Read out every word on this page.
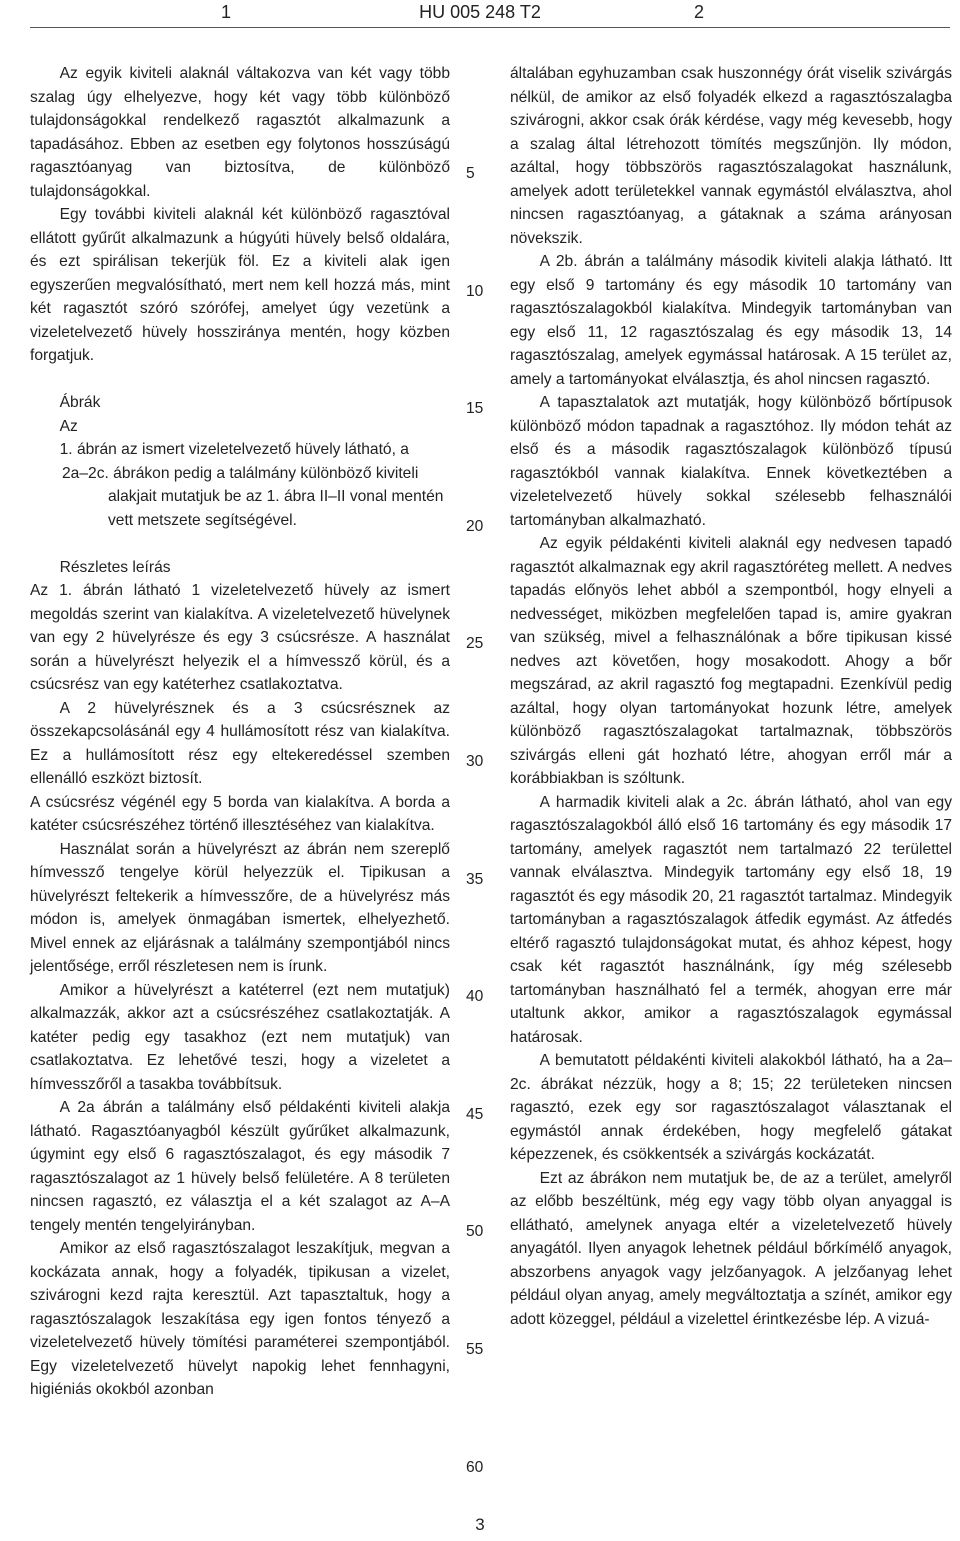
1	HU 005 248 T2	2

Az egyik kiviteli alaknál váltakozva van két vagy több szalag úgy elhelyezve, hogy két vagy több különböző tulajdonságokkal rendelkező ragasztót alkalmazunk a tapadásához. Ebben az esetben egy folytonos hosszúságú ragasztóanyag van biztosítva, de különböző tulajdonságokkal.

Egy további kiviteli alaknál két különböző ragasztóval ellátott gyűrűt alkalmazunk a húgyúti hüvely belső oldalára, és ezt spirálisan tekerjük föl. Ez a kiviteli alak igen egyszerűen megvalósítható, mert nem kell hozzá más, mint két ragasztót szóró szórófej, amelyet úgy vezetünk a vizeletelvezető hüvely hossziránya mentén, hogy közben forgatjuk.

Ábrák

Az

1. ábrán az ismert vizeletelvezető hüvely látható, a

2a–2c. ábrákon pedig a találmány különböző kiviteli alakjait mutatjuk be az 1. ábra II–II vonal mentén vett metszete segítségével.

Részletes leírás

Az 1. ábrán látható 1 vizeletelvezető hüvely az ismert megoldás szerint van kialakítva. A vizeletelvezető hüvelynek van egy 2 hüvelyrésze és egy 3 csúcsrésze. A használat során a hüvelyrészt helyezik el a hímvessző körül, és a csúcsrész van egy katéterhez csatlakoztatva.

A 2 hüvelyrésznek és a 3 csúcsrésznek az összekapcsolásánál egy 4 hullámosított rész van kialakítva. Ez a hullámosított rész egy eltekeredéssel szemben ellenálló eszközt biztosít.

A csúcsrész végénél egy 5 borda van kialakítva. A borda a katéter csúcsrészéhez történő illesztéséhez van kialakítva.

Használat során a hüvelyrészt az ábrán nem szereplő hímvessző tengelye körül helyezzük el. Tipikusan a hüvelyrészt feltekerik a hímvesszőre, de a hüvelyrész más módon is, amelyek önmagában ismertek, elhelyezhető. Mivel ennek az eljárásnak a találmány szempontjából nincs jelentősége, erről részletesen nem is írunk.

Amikor a hüvelyrészt a katéterrel (ezt nem mutatjuk) alkalmazzák, akkor azt a csúcsrészéhez csatlakoztatják. A katéter pedig egy tasakhoz (ezt nem mutatjuk) van csatlakoztatva. Ez lehetővé teszi, hogy a vizeletet a hímvesszőről a tasakba továbbítsuk.

A 2a ábrán a találmány első példakénti kiviteli alakja látható. Ragasztóanyagból készült gyűrűket alkalmazunk, úgymint egy első 6 ragasztószalagot, és egy második 7 ragasztószalagot az 1 hüvely belső felületére. A 8 területen nincsen ragasztó, ez választja el a két szalagot az A–A tengely mentén tengelyirányban.

Amikor az első ragasztószalagot leszakítjuk, megvan a kockázata annak, hogy a folyadék, tipikusan a vizelet, szivárogni kezd rajta keresztül. Azt tapasztaltuk, hogy a ragasztószalagok leszakítása egy igen fontos tényező a vizeletelvezető hüvely tömítési paraméterei szempontjából. Egy vizeletelvezető hüvelyt napokig lehet fennhagyni, higiéniás okokból azonban

általában egyhuzamban csak huszonnégy órát viselik szivárgás nélkül, de amikor az első folyadék elkezd a ragasztószalagba szivárogni, akkor csak órák kérdése, vagy még kevesebb, hogy a szalag által létrehozott tömítés megszűnjön. Ily módon, azáltal, hogy többszörös ragasztószalagokat használunk, amelyek adott területekkel vannak egymástól elválasztva, ahol nincsen ragasztóanyag, a gátaknak a száma arányosan növekszik.

A 2b. ábrán a találmány második kiviteli alakja látható. Itt egy első 9 tartomány és egy második 10 tartomány van ragasztószalagokból kialakítva. Mindegyik tartományban van egy első 11, 12 ragasztószalag és egy második 13, 14 ragasztószalag, amelyek egymással határosak. A 15 terület az, amely a tartományokat elválasztja, és ahol nincsen ragasztó.

A tapasztalatok azt mutatják, hogy különböző bőrtípusok különböző módon tapadnak a ragasztóhoz. Ily módon tehát az első és a második ragasztószalagok különböző típusú ragasztókból vannak kialakítva. Ennek következtében a vizeletelvezető hüvely sokkal szélesebb felhasználói tartományban alkalmazható.

Az egyik példakénti kiviteli alaknál egy nedvesen tapadó ragasztót alkalmaznak egy akril ragasztóréteg mellett. A nedves tapadás előnyös lehet abból a szempontból, hogy elnyeli a nedvességet, miközben megfelelően tapad is, amire gyakran van szükség, mivel a felhasználónak a bőre tipikusan kissé nedves azt követően, hogy mosakodott. Ahogy a bőr megszárad, az akril ragasztó fog megtapadni. Ezenkívül pedig azáltal, hogy olyan tartományokat hozunk létre, amelyek különböző ragasztószalagokat tartalmaznak, többszörös szivárgás elleni gát hozható létre, ahogyan erről már a korábbiakban is szóltunk.

A harmadik kiviteli alak a 2c. ábrán látható, ahol van egy ragasztószalagokból álló első 16 tartomány és egy második 17 tartomány, amelyek ragasztót nem tartalmazó 22 területtel vannak elválasztva. Mindegyik tartomány egy első 18, 19 ragasztót és egy második 20, 21 ragasztót tartalmaz. Mindegyik tartományban a ragasztószalagok átfedik egymást. Az átfedés eltérő ragasztó tulajdonságokat mutat, és ahhoz képest, hogy csak két ragasztót használnánk, így még szélesebb tartományban használható fel a termék, ahogyan erre már utaltunk akkor, amikor a ragasztószalagok egymással határosak.

A bemutatott példakénti kiviteli alakokból látható, ha a 2a–2c. ábrákat nézzük, hogy a 8; 15; 22 területeken nincsen ragasztó, ezek egy sor ragasztószalagot választanak el egymástól annak érdekében, hogy megfelelő gátakat képezzenek, és csökkentsék a szivárgás kockázatát.

Ezt az ábrákon nem mutatjuk be, de az a terület, amelyről az előbb beszéltünk, még egy vagy több olyan anyaggal is ellátható, amelynek anyaga eltér a vizeletelvezető hüvely anyagától. Ilyen anyagok lehetnek például bőrkímélő anyagok, abszorbens anyagok vagy jelzőanyagok. A jelzőanyag lehet például olyan anyag, amely megváltoztatja a színét, amikor egy adott közeggel, például a vizelettel érintkezésbe lép. A vizuá-

5
10
15
20
25
30
35
40
45
50
55
60
3
